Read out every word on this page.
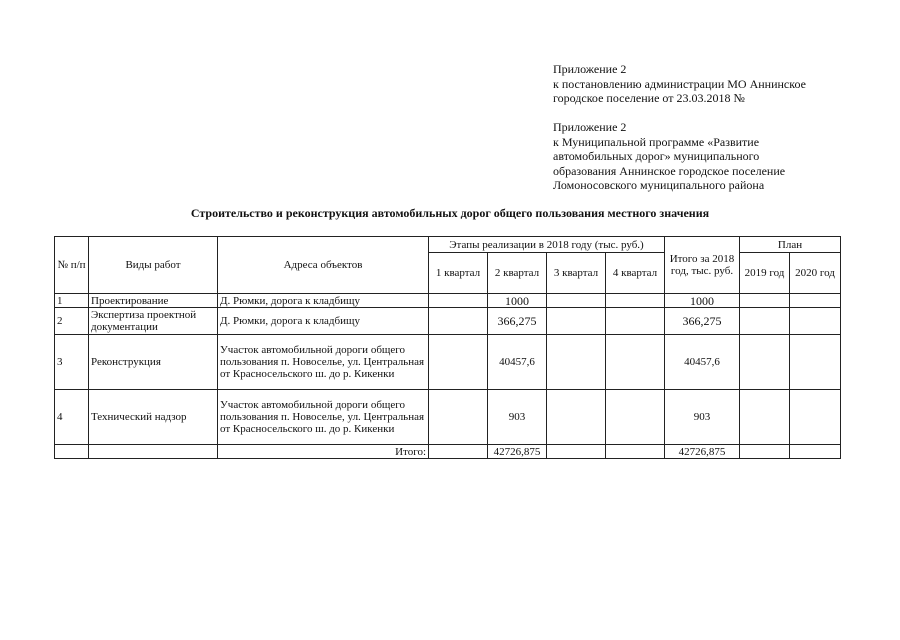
Приложение 2
к постановлению администрации МО Аннинское
городское поселение от 23.03.2018 №
Приложение 2
к Муниципальной программе «Развитие
автомобильных дорог» муниципального
образования Аннинское городское поселение
Ломоносовского муниципального района
Строительство и реконструкция автомобильных дорог общего пользования местного значения
№ п/п	Виды работ	Адреса объектов	Этапы реализации в 2018 году (тыс. руб.)				Итого за 2018 год, тыс. руб.	План	
			1 квартал	2 квартал	3 квартал	4 квартал		2019 год	2020 год
1	Проектирование	Д. Рюмки, дорога к кладбищу		1000			1000		
2	Экспертиза проектной документации	Д. Рюмки, дорога к кладбищу		366,275			366,275		
3	Реконструкция	Участок автомобильной дороги общего пользования п. Новоселье, ул. Центральная от Красносельского ш. до р. Кикенки		40457,6			40457,6		
4	Технический надзор	Участок автомобильной дороги общего пользования п. Новоселье, ул. Центральная от Красносельского ш. до р. Кикенки		903			903		
		Итого:		42726,875			42726,875		
